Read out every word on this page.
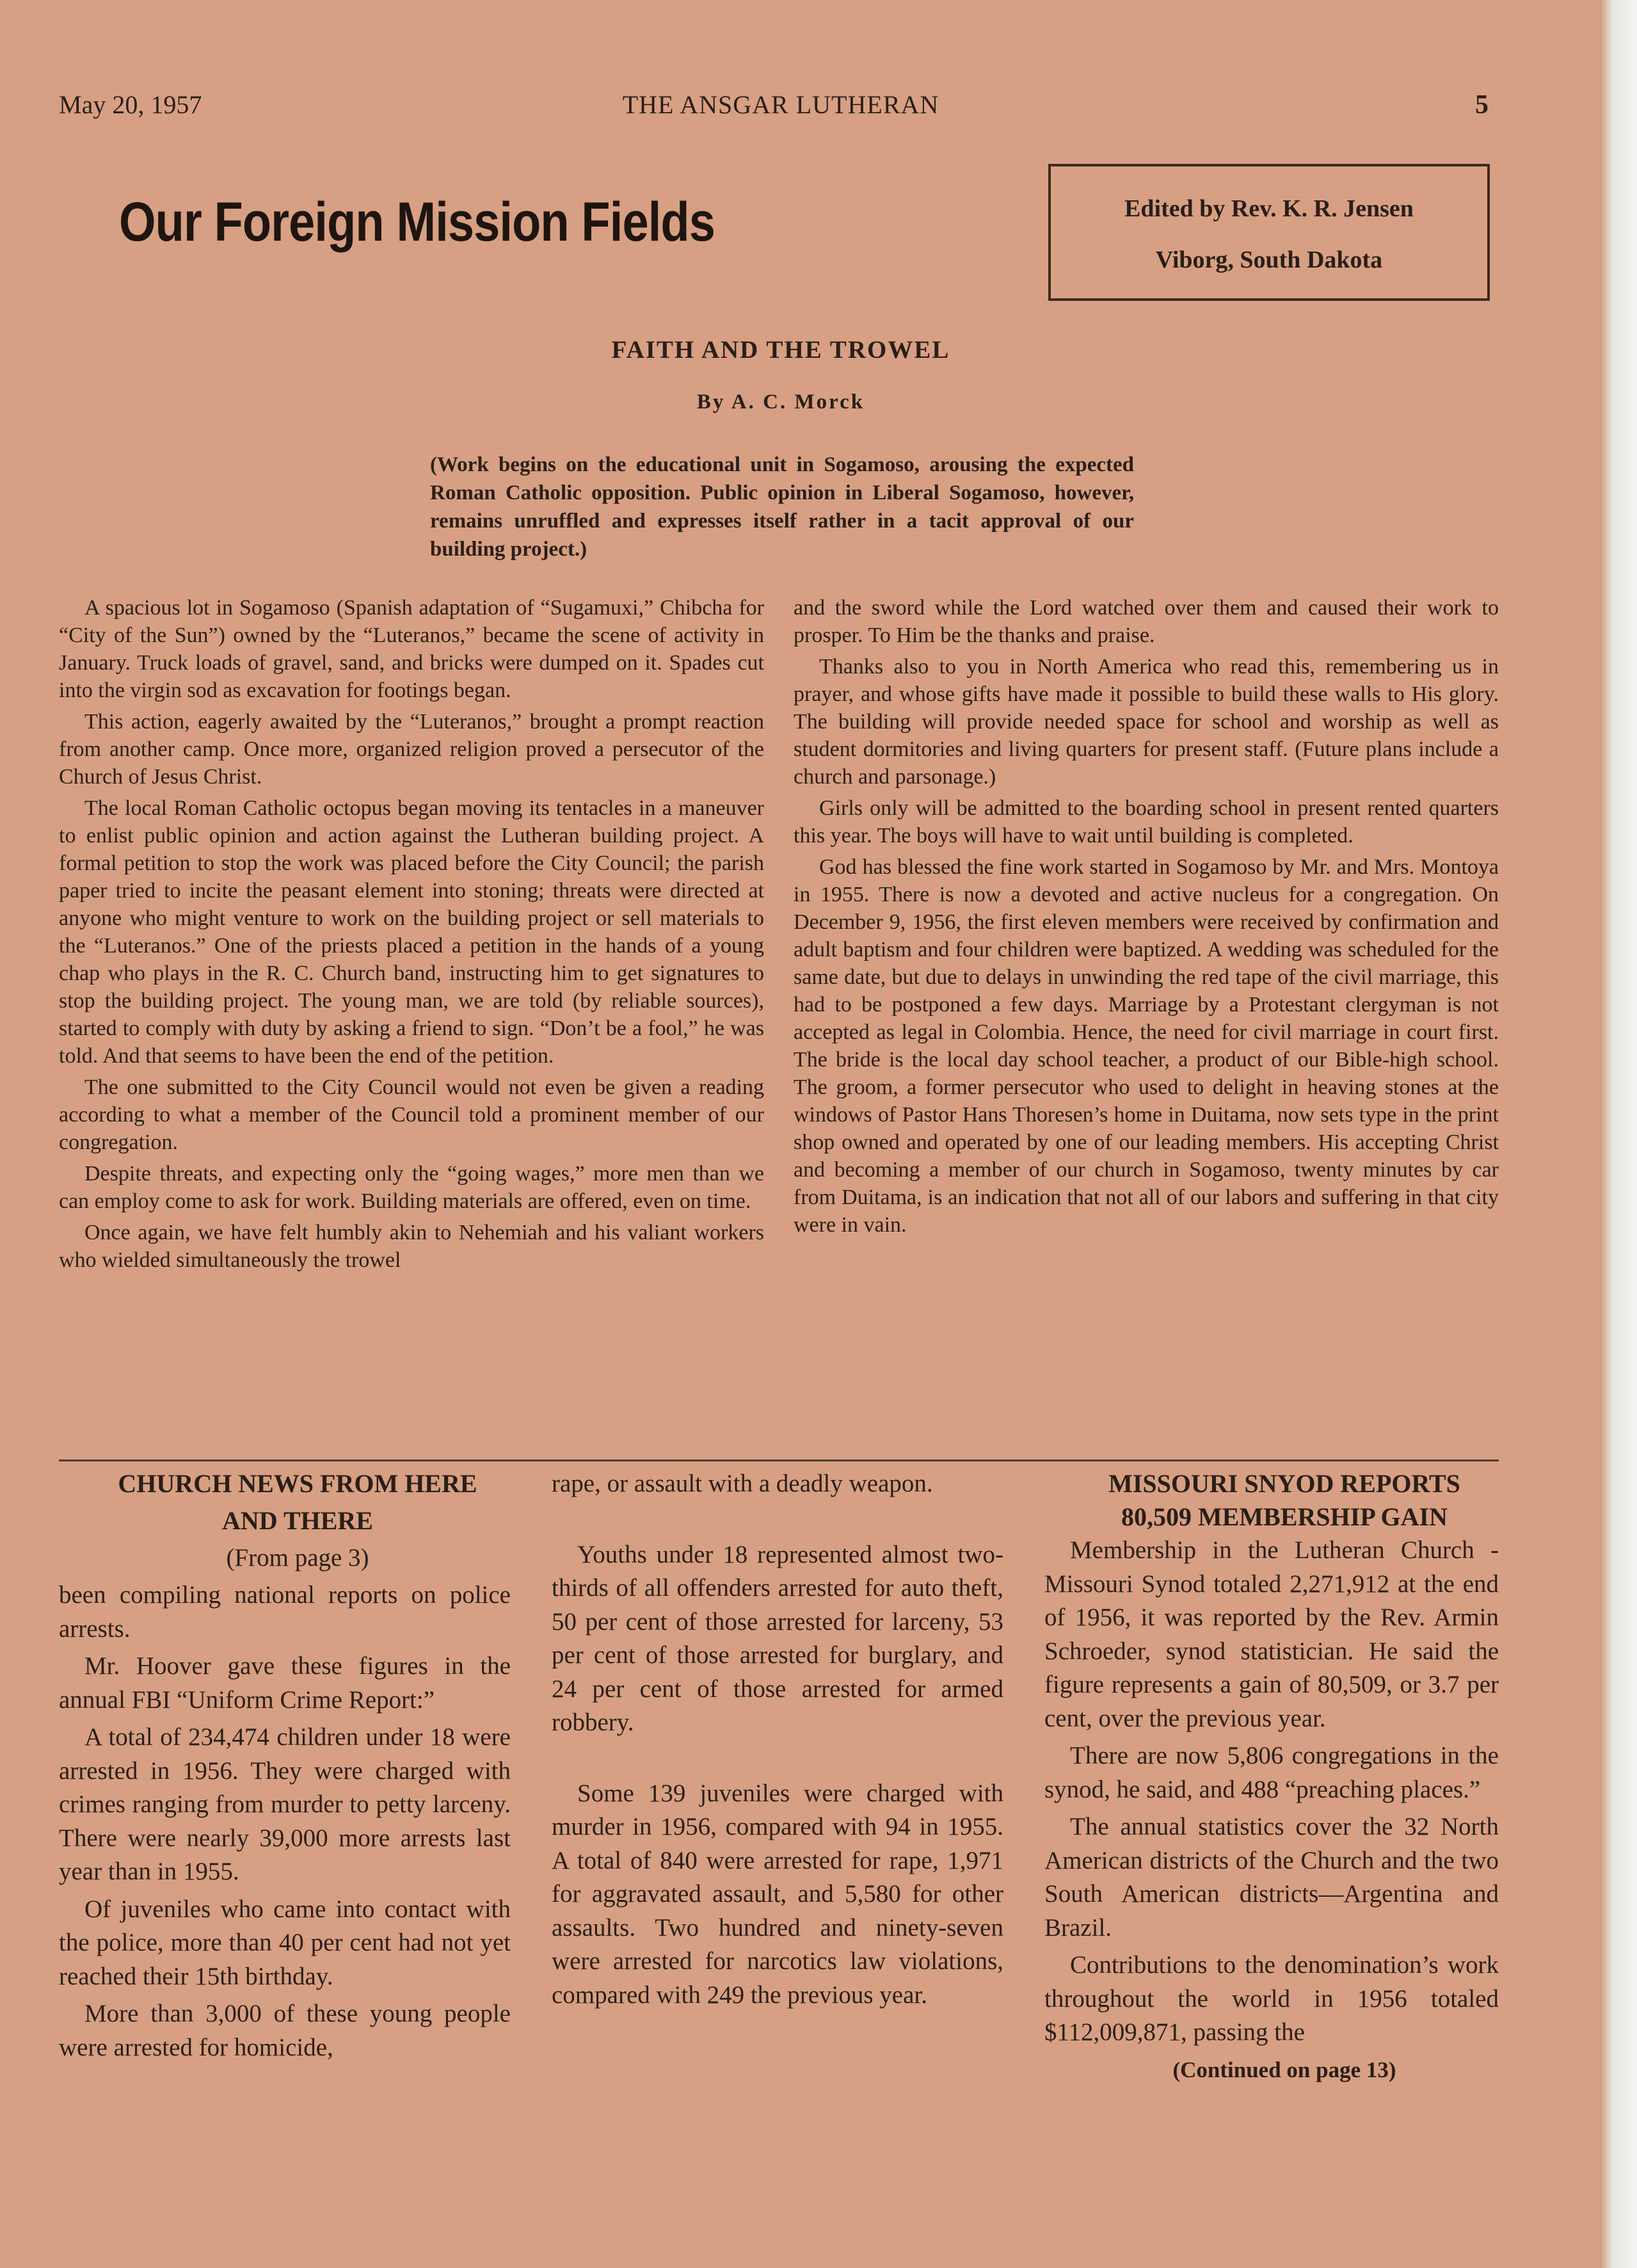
May 20, 1957	THE ANSGAR LUTHERAN	5
Our Foreign Mission Fields	Edited by Rev. K. R. Jensen
Viborg, South Dakota
FAITH AND THE TROWEL
By A. C. Morck
(Work begins on the educational unit in Sogamoso, arousing the expected Roman Catholic opposition. Public opinion in Liberal Sogamoso, however, remains unruffled and expresses itself rather in a tacit approval of our building project.)

A spacious lot in Sogamoso (Spanish adaptation of “Sugamuxi,” Chibcha for “City of the Sun”) owned by the “Luteranos,” became the scene of activity in January. Truck loads of gravel, sand, and bricks were dumped on it. Spades cut into the virgin sod as excavation for footings began.

This action, eagerly awaited by the “Luteranos,” brought a prompt reaction from another camp. Once more, organized religion proved a persecutor of the Church of Jesus Christ.

The local Roman Catholic octopus began moving its tentacles in a maneuver to enlist public opinion and action against the Lutheran building project. A formal petition to stop the work was placed before the City Council; the parish paper tried to incite the peasant element into stoning; threats were directed at anyone who might venture to work on the building project or sell materials to the “Luteranos.” One of the priests placed a petition in the hands of a young chap who plays in the R. C. Church band, instructing him to get signatures to stop the building project. The young man, we are told (by reliable sources), started to comply with duty by asking a friend to sign. “Don’t be a fool,” he was told. And that seems to have been the end of the petition.

The one submitted to the City Council would not even be given a reading according to what a member of the Council told a prominent member of our congregation.

Despite threats, and expecting only the “going wages,” more men than we can employ come to ask for work. Building materials are offered, even on time.

Once again, we have felt humbly akin to Nehemiah and his valiant workers who wielded simultaneously the trowel

and the sword while the Lord watched over them and caused their work to prosper. To Him be the thanks and praise.

Thanks also to you in North America who read this, remembering us in prayer, and whose gifts have made it possible to build these walls to His glory. The building will provide needed space for school and worship as well as student dormitories and living quarters for present staff. (Future plans include a church and parsonage.)

Girls only will be admitted to the boarding school in present rented quarters this year. The boys will have to wait until building is completed.

God has blessed the fine work started in Sogamoso by Mr. and Mrs. Montoya in 1955. There is now a devoted and active nucleus for a congregation. On December 9, 1956, the first eleven members were received by confirmation and adult baptism and four children were baptized. A wedding was scheduled for the same date, but due to delays in unwinding the red tape of the civil marriage, this had to be postponed a few days. Marriage by a Protestant clergyman is not accepted as legal in Colombia. Hence, the need for civil marriage in court first. The bride is the local day school teacher, a product of our Bible-high school. The groom, a former persecutor who used to delight in heaving stones at the windows of Pastor Hans Thoresen’s home in Duitama, now sets type in the print shop owned and operated by one of our leading members. His accepting Christ and becoming a member of our church in Sogamoso, twenty minutes by car from Duitama, is an indication that not all of our labors and suffering in that city were in vain.

CHURCH NEWS FROM HERE

AND THERE

(From page 3)

been compiling national reports on police arrests.

Mr. Hoover gave these figures in the annual FBI “Uniform Crime Report:”

A total of 234,474 children under 18 were arrested in 1956. They were charged with crimes ranging from murder to petty larceny. There were nearly 39,000 more arrests last year than in 1955.

Of juveniles who came into contact with the police, more than 40 per cent had not yet reached their 15th birthday.

More than 3,000 of these young people were arrested for homicide,

rape, or assault with a deadly weapon.

Youths under 18 represented almost two-thirds of all offenders arrested for auto theft, 50 per cent of those arrested for larceny, 53 per cent of those arrested for burglary, and 24 per cent of those arrested for armed robbery.

Some 139 juveniles were charged with murder in 1956, compared with 94 in 1955. A total of 840 were arrested for rape, 1,971 for aggravated assault, and 5,580 for other assaults. Two hundred and ninety-seven were arrested for narcotics law violations, compared with 249 the previous year.

MISSOURI SNYOD REPORTS

80,509 MEMBERSHIP GAIN

Membership in the Lutheran Church - Missouri Synod totaled 2,271,912 at the end of 1956, it was reported by the Rev. Armin Schroeder, synod statistician. He said the figure represents a gain of 80,509, or 3.7 per cent, over the previous year.

There are now 5,806 congregations in the synod, he said, and 488 “preaching places.”

The annual statistics cover the 32 North American districts of the Church and the two South American districts—Argentina and Brazil.

Contributions to the denomination’s work throughout the world in 1956 totaled $112,009,871, passing the

(Continued on page 13)
